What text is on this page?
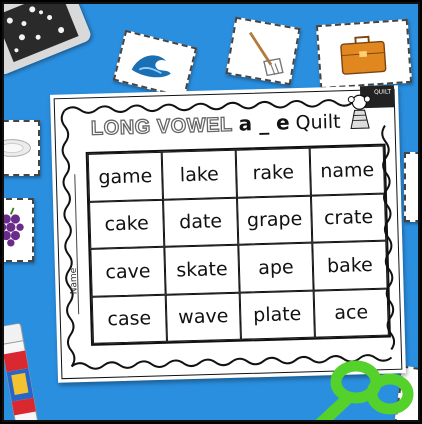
LONG VOWEL a _ e Quilt
QUILT
Name
game	lake	rake	name
cake	date	grape	crate
cave	skate	ape	bake
case	wave	plate	ace
